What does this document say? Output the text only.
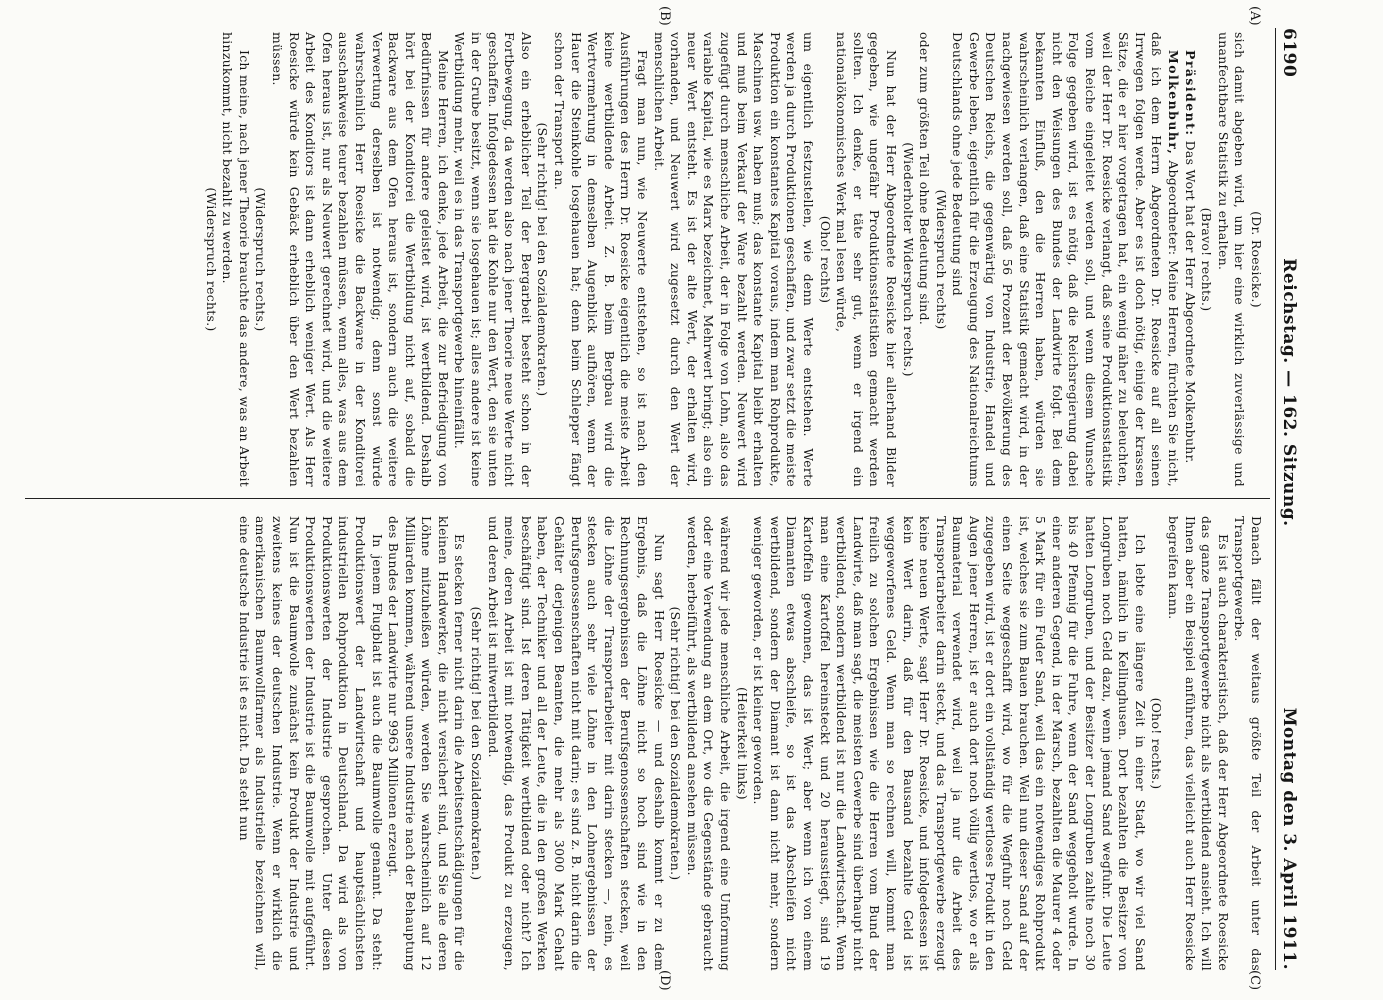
6190
Reichstag. — 162. Sitzung.
Montag den 3. April 1911.
(A)
(B)
(C)
(D)

(Dr. Roesicke.)

sich damit abgeben wird, um hier eine wirklich zuverlässige und unanfechtbare Statistik zu erhalten.

(Bravo! rechts.)

Präsident: Das Wort hat der Herr Abgeordnete Molkenbuhr.

Molkenbuhr, Abgeordneter: Meine Herren, fürchten Sie nicht, daß ich dem Herrn Abgeordneten Dr. Roesicke auf all seinen Irrwegen folgen werde. Aber es ist doch nötig, einige der krassen Sätze, die er hier vorgetragen hat, ein wenig näher zu beleuchten, weil der Herr Dr. Roesicke verlangt, daß seine Produktionsstatistik vom Reiche eingeleitet werden soll, und wenn diesem Wunsche Folge gegeben wird, ist es nötig, daß die Reichsregierung dabei nicht den Weisungen des Bundes der Landwirte folgt. Bei dem bekannten Einfluß, den die Herren haben, würden sie wahrscheinlich verlangen, daß eine Statistik gemacht wird, in der nachgewiesen werden soll, daß 56 Prozent der Bevölkerung des Deutschen Reichs, die gegenwärtig von Industrie, Handel und Gewerbe leben, eigentlich für die Erzeugung des Nationalreichtums Deutschlands ohne jede Bedeutung sind

(Widerspruch rechts)

oder zum größten Teil ohne Bedeutung sind.

(Wiederholter Widerspruch rechts.)

Nun hat der Herr Abgeordnete Roesicke hier allerhand Bilder gegeben, wie ungefähr Produktionsstatistiken gemacht werden sollten. Ich denke, er täte sehr gut, wenn er irgend ein nationalökonomisches Werk mal lesen würde,

(Oho! rechts)

um eigentlich festzustellen, wie denn Werte entstehen. Werte werden ja durch Produktionen geschaffen, und zwar setzt die meiste Produktion ein konstantes Kapital voraus, indem man Rohprodukte, Maschinen usw. haben muß; das konstante Kapital bleibt erhalten und muß beim Verkauf der Ware bezahlt werden. Neuwert wird zugefügt durch menschliche Arbeit, der in Folge von Lohn, also das variable Kapital, wie es Marx bezeichnet, Mehrwert bringt; also ein neuer Wert entsteht. Es ist der alte Wert, der erhalten wird, vorhanden, und Neuwert wird zugesetzt durch den Wert der menschlichen Arbeit.

Fragt man nun, wie Neuwerte entstehen, so ist nach den Ausführungen des Herrn Dr. Roesicke eigentlich die meiste Arbeit keine wertbildende Arbeit. Z. B. beim Bergbau wird die Wertvermehrung in demselben Augenblick aufhören, wenn der Hauer die Steinkohle losgehauen hat; denn beim Schlepper fängt schon der Transport an.

(Sehr richtig! bei den Sozialdemokraten.)

Also ein erheblicher Teil der Bergarbeit besteht schon in der Fortbewegung, da werden also nach jener Theorie neue Werte nicht geschaffen. Infolgedessen hat die Kohle nur den Wert, den sie unten in der Grube besitzt, wenn sie losgehauen ist; alles andere ist keine Wertbildung mehr, weil es in das Transportgewerbe hineinfällt.

Meine Herren, ich denke, jede Arbeit, die zur Befriedigung von Bedürfnissen für andere geleistet wird, ist wertbildend. Deshalb hört bei der Konditorei die Wertbildung nicht auf, sobald die Backware aus dem Ofen heraus ist, sondern auch die weitere Verwertung derselben ist notwendig; denn sonst würde wahrscheinlich Herr Roesicke die Backware in der Konditorei ausschankweise teurer bezahlen müssen, wenn alles, was aus dem Ofen heraus ist, nur als Neuwert gerechnet wird, und die weitere Arbeit des Konditors ist dann erheblich weniger Wert. Als Herr Roesicke würde kein Gebäck erheblich über den Wert bezahlen müssen.

(Widerspruch rechts.)

Ich meine, nach jener Theorie brauchte das andere, was an Arbeit hinzukommt, nicht bezahlt zu werden.

(Widerspruch rechts.)

Danach fällt der weitaus größte Teil der Arbeit unter das Transportgewerbe.

Es ist auch charakteristisch, daß der Herr Abgeordnete Roesicke das ganze Transportgewerbe nicht als wertbildend ansieht. Ich will Ihnen aber ein Beispiel anführen, das vielleicht auch Herr Roesicke begreifen kann.

(Oho! rechts.)

Ich lebte eine längere Zeit in einer Stadt, wo wir viel Sand hatten, nämlich in Kellinghusen. Dort bezahlten die Besitzer von Longruben noch Geld dazu, wenn jemand Sand wegfuhr. Die Leute hatten Longruben, und der Besitzer der Longruben zahlte noch 30 bis 40 Pfennig für die Fuhre, wenn der Sand weggeholt wurde. In einer anderen Gegend, in der Marsch, bezahlten die Maurer 4 oder 5 Mark für ein Fuder Sand, weil das ein notwendiges Rohprodukt ist, welches sie zum Bauen brauchen. Weil nun dieser Sand auf der einen Seite weggeschafft wird, wo für die Wegfuhr noch Geld zugegeben wird, ist er dort ein vollständig wertloses Produkt in den Augen jener Herren, ist er auch dort noch völlig wertlos, wo er als Baumaterial verwendet wird, weil ja nur die Arbeit des Transportarbeiter darin steckt, und das Transportgewerbe erzeugt keine neuen Werte, sagt Herr Dr. Roesicke, und infolgedessen ist kein Wert darin, daß für den Bausand bezahlte Geld ist weggeworfenes Geld. Wenn man so rechnen will, kommt man freilich zu solchen Ergebnissen wie die Herren vom Bund der Landwirte, daß man sagt, die meisten Gewerbe sind überhaupt nicht wertbildend, sondern wertbildend ist nur die Landwirtschaft. Wenn man eine Kartoffel hereinsteckt und 20 herausstiegt, sind 19 Kartoffeln gewonnen, das ist Wert; aber wenn ich von einem Diamanten etwas abschleife, so ist das Abschleifen nicht wertbildend, sondern der Diamant ist dann nicht mehr, sondern weniger geworden, er ist kleiner geworden.

(Heiterkeit links)

während wir jede menschliche Arbeit, die irgend eine Umformung oder eine Verwendung an dem Ort, wo die Gegenstände gebraucht werden, herbeiführt, als wertbildend ansehen müssen.

(Sehr richtig! bei den Sozialdemokraten.)

Nun sagt Herr Roesicke — und deshalb kommt er zu dem Ergebnis, daß die Löhne nicht so hoch sind wie in den Rechnungsergebnissen der Berufsgenossenschaften stecken, weil die Löhne der Transportarbeiter mit darin stecken —, nein, es stecken auch sehr viele Löhne in den Lohnergebnissen der Berufsgenossenschaften nicht mit darin; es sind z. B. nicht darin die Gehälter derjenigen Beamten, die mehr als 3000 Mark Gehalt haben, der Techniker und all der Leute, die in den großen Werken beschäftigt sind. Ist deren Tätigkeit wertbildend oder nicht? Ich meine, deren Arbeit ist mit notwendig, das Produkt zu erzeugen, und deren Arbeit ist mitwertbildend.

(Sehr richtig! bei den Sozialdemokraten.)

Es stecken ferner nicht darin die Arbeitsentschädigungen für die kleinen Handwerker, die nicht versichert sind, und Sie alle deren Löhne mitzuheißen würden, werden Sie wahrscheinlich auf 12 Milliarden kommen, während unsere Industrie nach der Behauptung des Bundes der Landwirte nur 9963 Millionen erzeugt.

In jenem Flugblatt ist auch die Baumwolle genannt. Da steht: Produktionswert der Landwirtschaft und hauptsächlichsten industriellen Rohproduktion in Deutschland. Da wird als von Produktionswerten der Industrie gesprochen. Unter diesen Produktionswerten der Industrie ist die Baumwolle mit aufgeführt. Nun ist die Baumwolle zunächst kein Produkt der Industrie und zweitens keines der deutschen Industrie. Wenn er wirklich die amerikanischen Baumwollfarmer als Industrielle bezeichnen will, eine deutsche Industrie ist es nicht. Da steht nun
